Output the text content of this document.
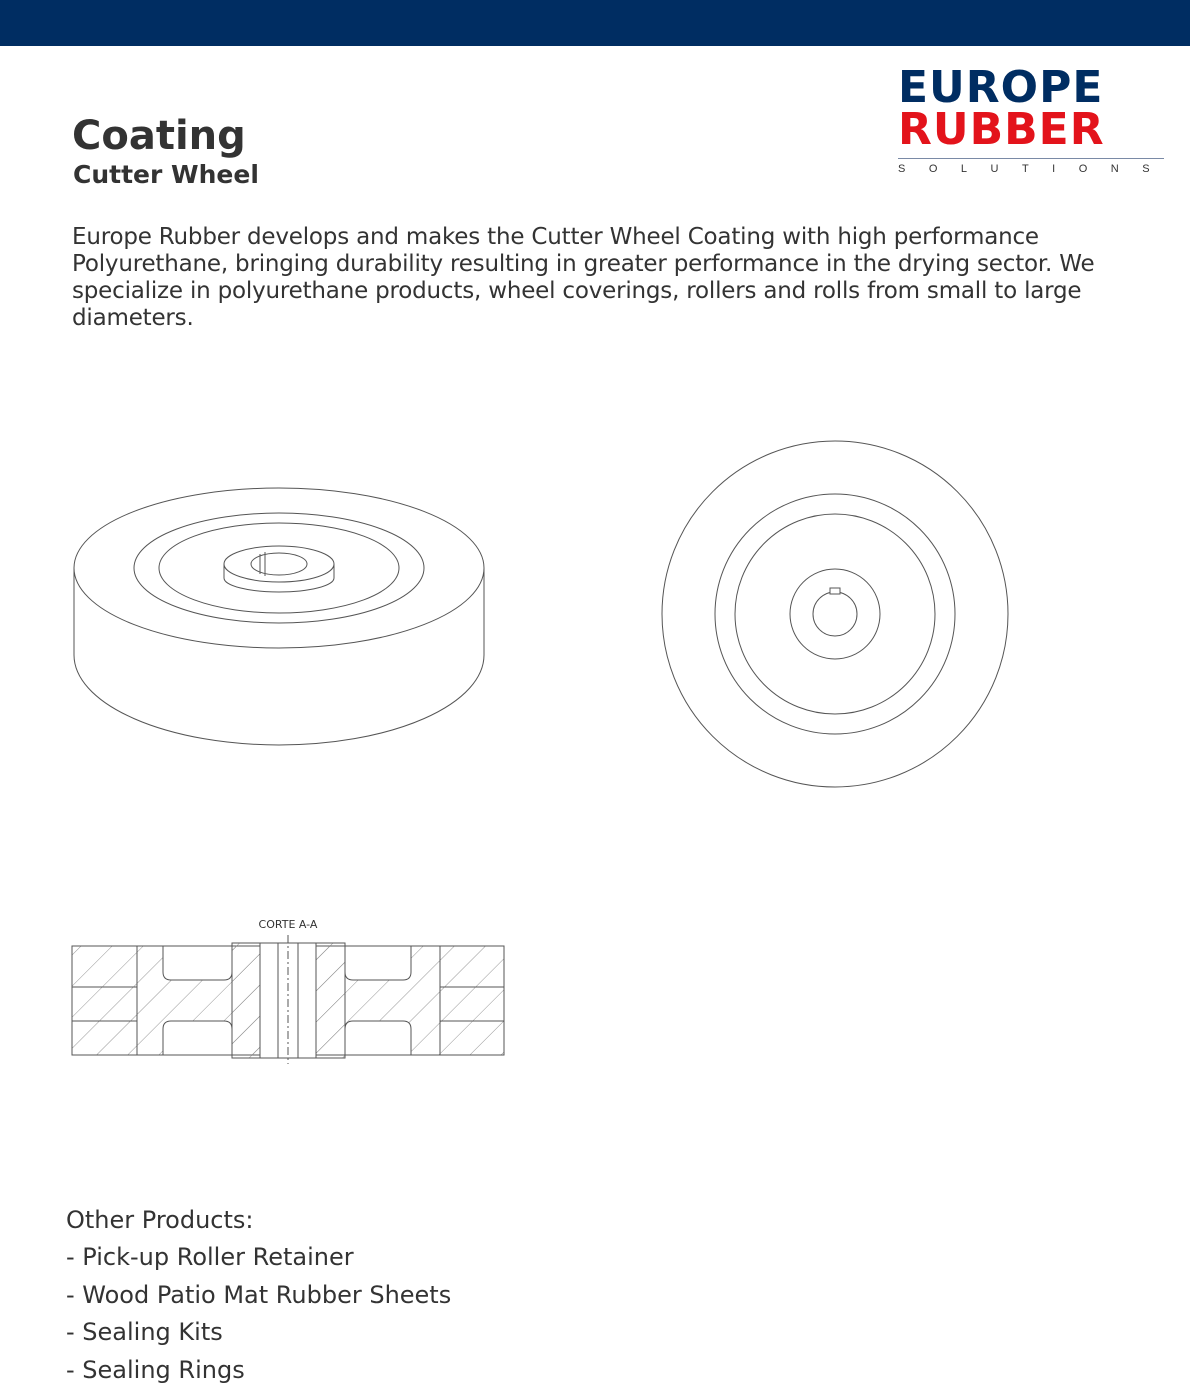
EUROPE
RUBBER
SOLUTIONS
Coating
Cutter Wheel

Europe Rubber develops and makes the Cutter Wheel Coating with high performance Polyurethane, bringing durability resulting in greater performance in the drying sector. We specialize in polyurethane products, wheel coverings, rollers and rolls from small to large diameters.

CORTE A-A

Other Products:

- Pick-up Roller Retainer
- Wood Patio Mat Rubber Sheets
- Sealing Kits
- Sealing Rings
